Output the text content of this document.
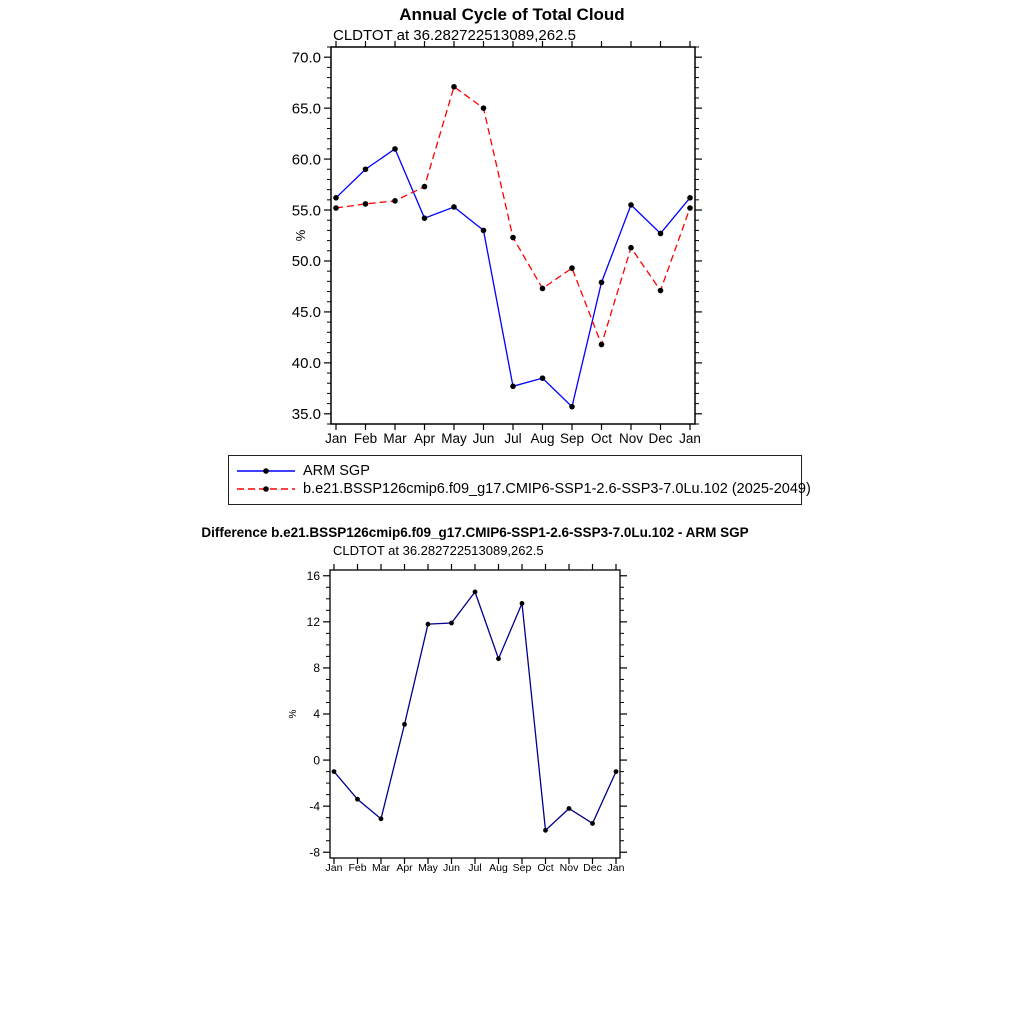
Annual Cycle of Total Cloud
CLDTOT at 36.282722513089,262.5
35.0
40.0
45.0
50.0
55.0
60.0
65.0
70.0
Jan Feb Mar Apr May Jun Jul Aug Sep Oct Nov Dec Jan
%
ARM SGP
b.e21.BSSP126cmip6.f09_g17.CMIP6-SSP1-2.6-SSP3-7.0Lu.102 (2025-2049)
Difference b.e21.BSSP126cmip6.f09_g17.CMIP6-SSP1-2.6-SSP3-7.0Lu.102 - ARM SGP
CLDTOT at 36.282722513089,262.5
-8
-4
0
4
8
12
16
Jan Feb Mar Apr May Jun Jul Aug Sep Oct Nov Dec Jan
%
